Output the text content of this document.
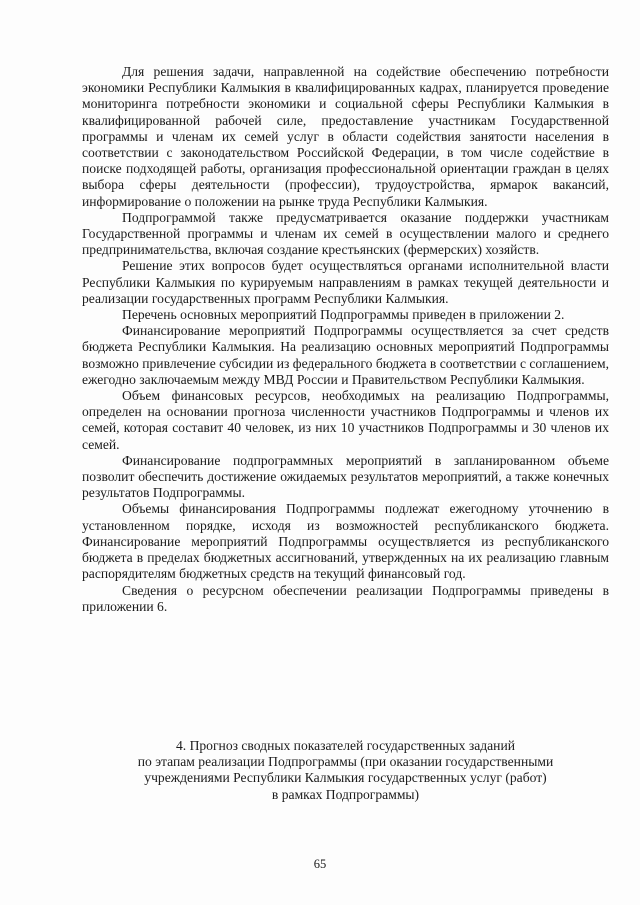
Для решения задачи, направленной на содействие обеспечению потребности экономики Республики Калмыкия в квалифицированных кадрах, планируется проведение мониторинга потребности экономики и социальной сферы Республики Калмыкия в квалифицированной рабочей силе, предоставление участникам Государственной программы и членам их семей услуг в области содействия занятости населения в соответствии с законодательством Российской Федерации, в том числе содействие в поиске подходящей работы, организация профессиональной ориентации граждан в целях выбора сферы деятельности (профессии), трудоустройства, ярмарок вакансий, информирование о положении на рынке труда Республики Калмыкия.

Подпрограммой также предусматривается оказание поддержки участникам Государственной программы и членам их семей в осуществлении малого и среднего предпринимательства, включая создание крестьянских (фермерских) хозяйств.

Решение этих вопросов будет осуществляться органами исполнительной власти Республики Калмыкия по курируемым направлениям в рамках текущей деятельности и реализации государственных программ Республики Калмыкия.

Перечень основных мероприятий Подпрограммы приведен в приложении 2.

Финансирование мероприятий Подпрограммы осуществляется за счет средств бюджета Республики Калмыкия. На реализацию основных мероприятий Подпрограммы возможно привлечение субсидии из федерального бюджета в соответствии с соглашением, ежегодно заключаемым между МВД России и Правительством Республики Калмыкия.

Объем финансовых ресурсов, необходимых на реализацию Подпрограммы, определен на основании прогноза численности участников Подпрограммы и членов их семей, которая составит 40 человек, из них 10 участников Подпрограммы и 30 членов их семей.

Финансирование подпрограммных мероприятий в запланированном объеме позволит обеспечить достижение ожидаемых результатов мероприятий, а также конечных результатов Подпрограммы.

Объемы финансирования Подпрограммы подлежат ежегодному уточнению в установленном порядке, исходя из возможностей республиканского бюджета. Финансирование мероприятий Подпрограммы осуществляется из республиканского бюджета в пределах бюджетных ассигнований, утвержденных на их реализацию главным распорядителям бюджетных средств на текущий финансовый год.

Сведения о ресурсном обеспечении реализации Подпрограммы приведены в приложении 6.

4. Прогноз сводных показателей государственных заданий
по этапам реализации Подпрограммы (при оказании государственными
учреждениями Республики Калмыкия государственных услуг (работ)
в рамках Подпрограммы)
65
